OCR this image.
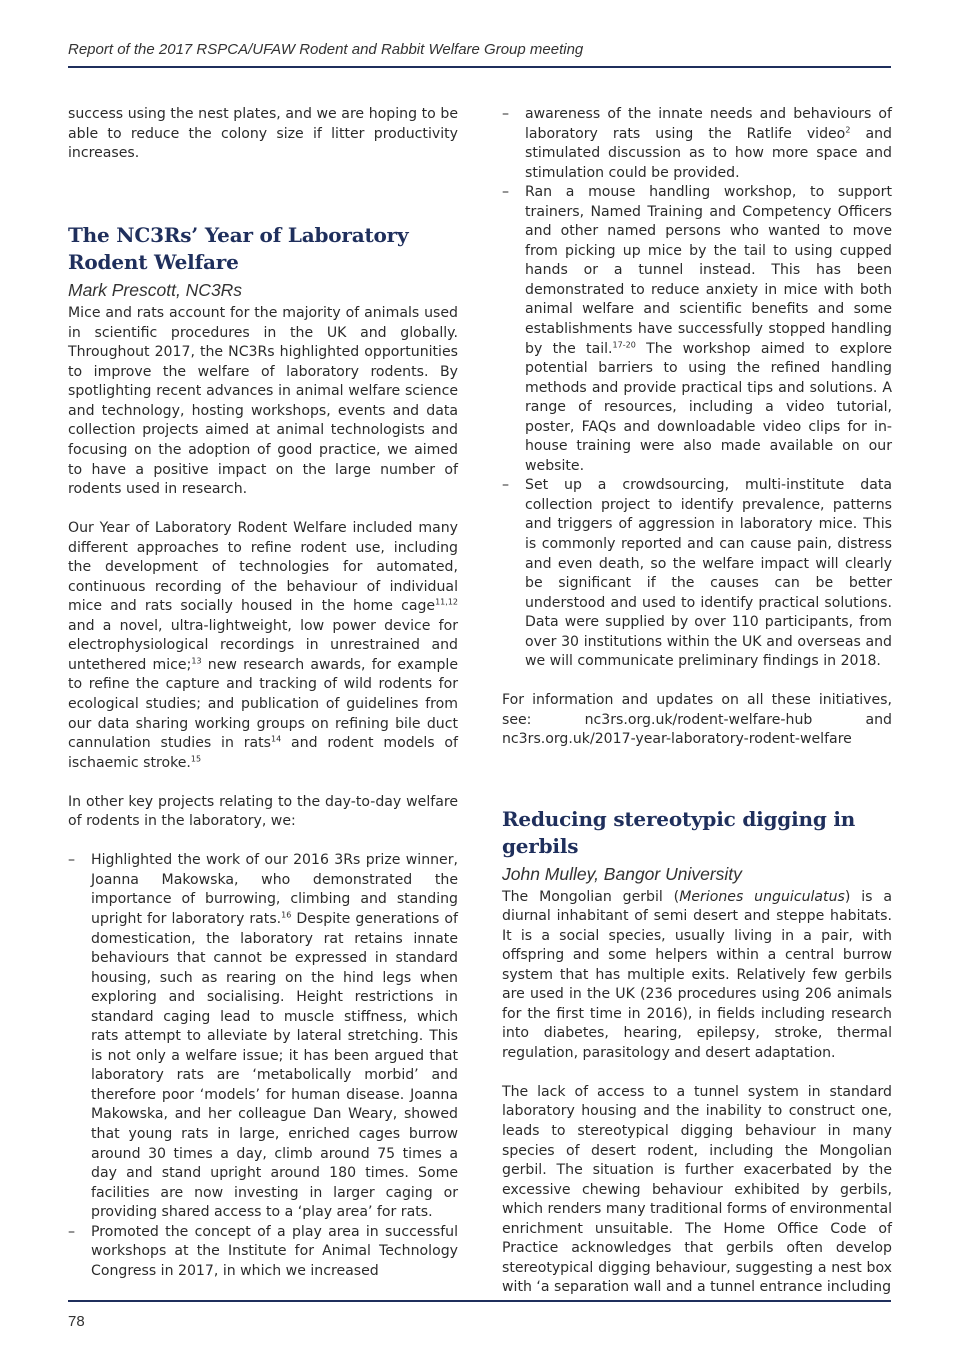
Report of the 2017 RSPCA/UFAW Rodent and Rabbit Welfare Group meeting

success using the nest plates, and we are hoping to be able to reduce the colony size if litter productivity increases.

The NC3Rs’ Year of Laboratory Rodent Welfare
Mark Prescott, NC3Rs

Mice and rats account for the majority of animals used in scientific procedures in the UK and globally. Throughout 2017, the NC3Rs highlighted opportunities to improve the welfare of laboratory rodents. By spotlighting recent advances in animal welfare science and technology, hosting workshops, events and data collection projects aimed at animal technologists and focusing on the adoption of good practice, we aimed to have a positive impact on the large number of rodents used in research.

Our Year of Laboratory Rodent Welfare included many different approaches to refine rodent use, including the development of technologies for automated, continuous recording of the behaviour of individual mice and rats socially housed in the home cage$^{11,12}$ and a novel, ultra-lightweight, low power device for electrophysiological recordings in unrestrained and untethered mice;$^{13}$ new research awards, for example to refine the capture and tracking of wild rodents for ecological studies; and publication of guidelines from our data sharing working groups on refining bile duct cannulation studies in rats$^{14}$ and rodent models of ischaemic stroke.$^{15}$

In other key projects relating to the day-to-day welfare of rodents in the laboratory, we:

– Highlighted the work of our 2016 3Rs prize winner, Joanna Makowska, who demonstrated the importance of burrowing, climbing and standing upright for laboratory rats.$^{16}$ Despite generations of domestication, the laboratory rat retains innate behaviours that cannot be expressed in standard housing, such as rearing on the hind legs when exploring and socialising. Height restrictions in standard caging lead to muscle stiffness, which rats attempt to alleviate by lateral stretching. This is not only a welfare issue; it has been argued that laboratory rats are ‘metabolically morbid’ and therefore poor ‘models’ for human disease. Joanna Makowska, and her colleague Dan Weary, showed that young rats in large, enriched cages burrow around 30 times a day, climb around 75 times a day and stand upright around 180 times. Some facilities are now investing in larger caging or providing shared access to a ‘play area’ for rats.
– Promoted the concept of a play area in successful workshops at the Institute for Animal Technology Congress in 2017, in which we increased
– awareness of the innate needs and behaviours of laboratory rats using the Ratlife video$^2$ and stimulated discussion as to how more space and stimulation could be provided.
– Ran a mouse handling workshop, to support trainers, Named Training and Competency Officers and other named persons who wanted to move from picking up mice by the tail to using cupped hands or a tunnel instead. This has been demonstrated to reduce anxiety in mice with both animal welfare and scientific benefits and some establishments have successfully stopped handling by the tail.$^{17-20}$ The workshop aimed to explore potential barriers to using the refined handling methods and provide practical tips and solutions. A range of resources, including a video tutorial, poster, FAQs and downloadable video clips for in-house training were also made available on our website.
– Set up a crowdsourcing, multi-institute data collection project to identify prevalence, patterns and triggers of aggression in laboratory mice. This is commonly reported and can cause pain, distress and even death, so the welfare impact will clearly be significant if the causes can be better understood and used to identify practical solutions. Data were supplied by over 110 participants, from over 30 institutions within the UK and overseas and we will communicate preliminary findings in 2018.

For information and updates on all these initiatives, see: nc3rs.org.uk/rodent-welfare-hub and nc3rs.org.uk/2017-year-laboratory-rodent-welfare

Reducing stereotypic digging in gerbils
John Mulley, Bangor University

The Mongolian gerbil (Meriones unguiculatus) is a diurnal inhabitant of semi desert and steppe habitats. It is a social species, usually living in a pair, with offspring and some helpers within a central burrow system that has multiple exits. Relatively few gerbils are used in the UK (236 procedures using 206 animals for the first time in 2016), in fields including research into diabetes, hearing, epilepsy, stroke, thermal regulation, parasitology and desert adaptation.

The lack of access to a tunnel system in standard laboratory housing and the inability to construct one, leads to stereotypical digging behaviour in many species of desert rodent, including the Mongolian gerbil. The situation is further exacerbated by the excessive chewing behaviour exhibited by gerbils, which renders many traditional forms of environmental enrichment unsuitable. The Home Office Code of Practice acknowledges that gerbils often develop stereotypical digging behaviour, suggesting a nest box with ‘a separation wall and a tunnel entrance including

78
